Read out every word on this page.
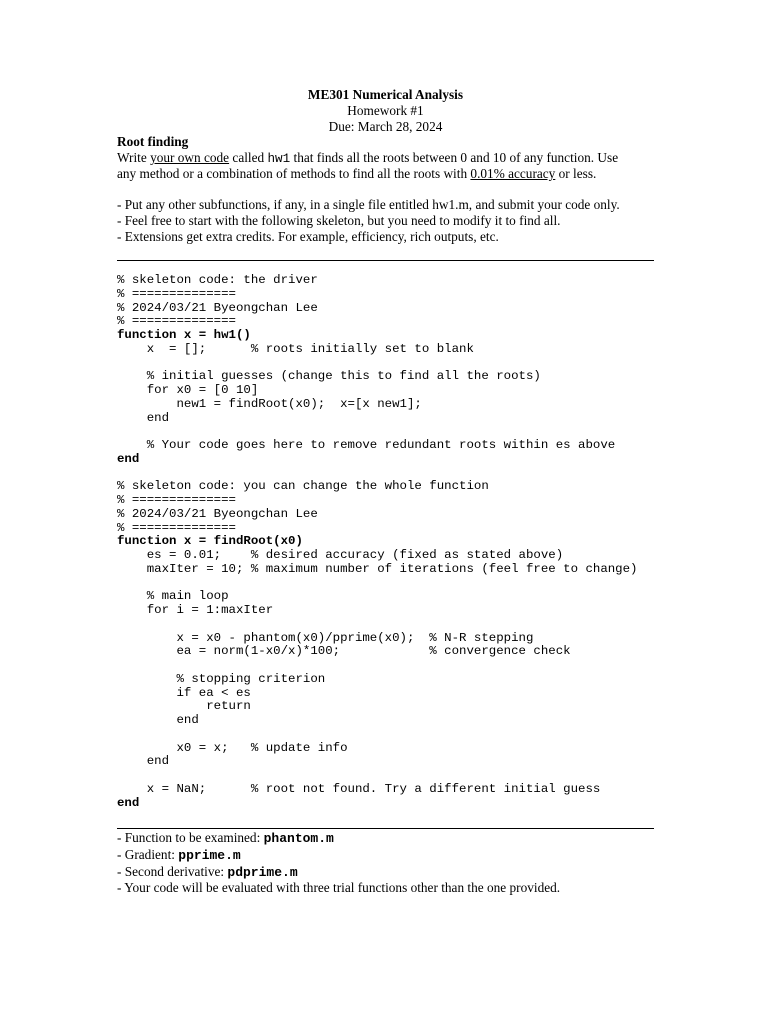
ME301 Numerical Analysis
Homework #1
Due: March 28, 2024
Root finding
Write your own code called hw1 that finds all the roots between 0 and 10 of any function. Use
any method or a combination of methods to find all the roots with 0.01% accuracy or less.
- Put any other subfunctions, if any, in a single file entitled hw1.m, and submit your code only.
- Feel free to start with the following skeleton, but you need to modify it to find all.
- Extensions get extra credits. For example, efficiency, rich outputs, etc.
% skeleton code: the driver
% ==============
% 2024/03/21 Byeongchan Lee
% ==============
function x = hw1()
x  = [];      % roots initially set to blank

% initial guesses (change this to find all the roots)
for x0 = [0 10]
new1 = findRoot(x0);  x=[x new1];
end

% Your code goes here to remove redundant roots within es above
end

% skeleton code: you can change the whole function
% ==============
% 2024/03/21 Byeongchan Lee
% ==============
function x = findRoot(x0)
es = 0.01;    % desired accuracy (fixed as stated above)
maxIter = 10; % maximum number of iterations (feel free to change)

% main loop
for i = 1:maxIter

x = x0 - phantom(x0)/pprime(x0);  % N-R stepping
ea = norm(1-x0/x)*100;            % convergence check

% stopping criterion
if ea < es
return
end

x0 = x;   % update info
end

x = NaN;      % root not found. Try a different initial guess
end

- Function to be examined: phantom.m
- Gradient: pprime.m
- Second derivative: pdprime.m
- Your code will be evaluated with three trial functions other than the one provided.
